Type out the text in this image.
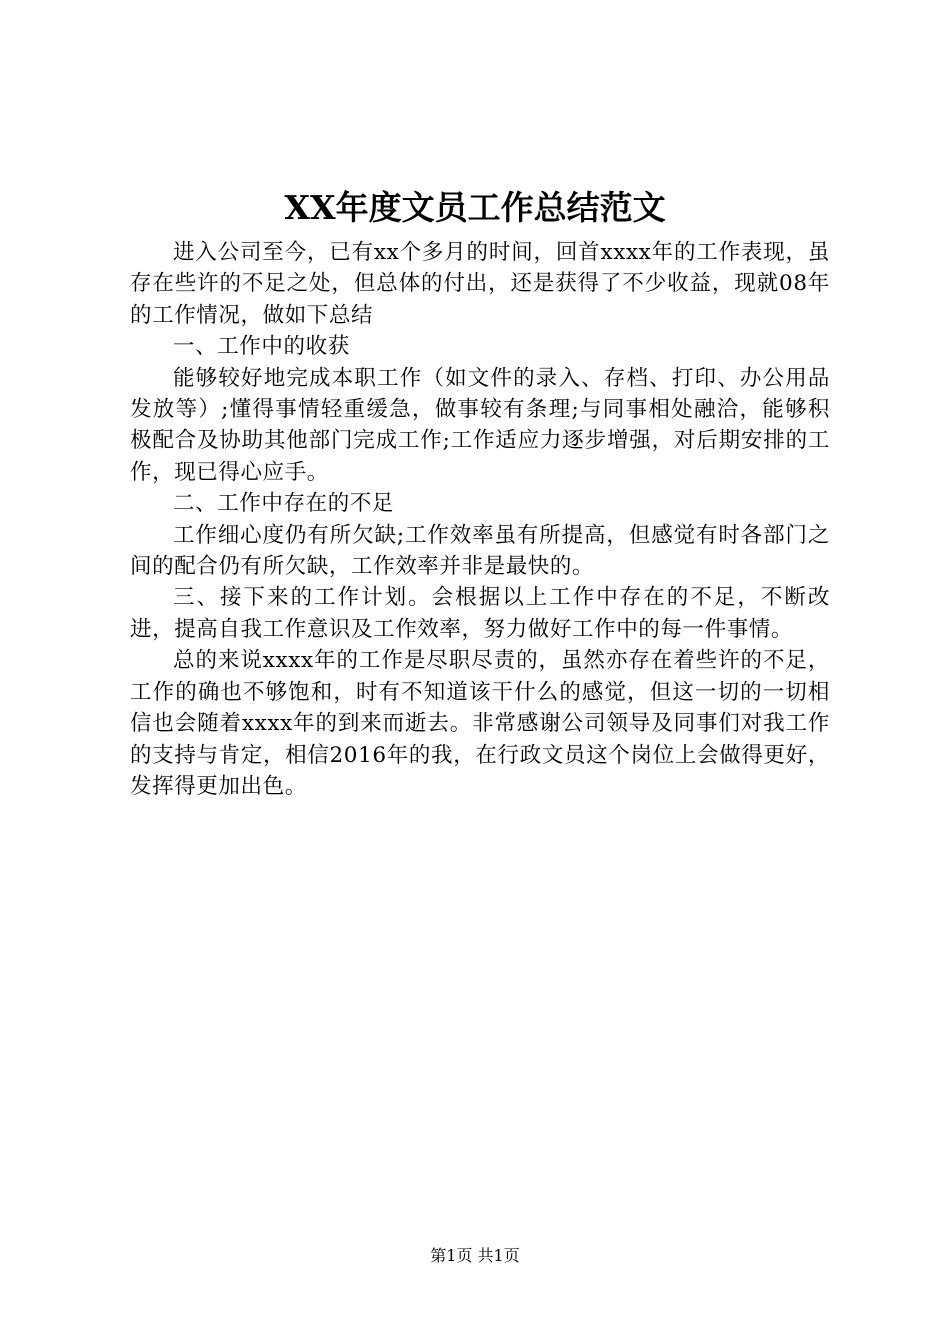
XX年度文员工作总结范文

进入公司至今，已有xx个多月的时间，回首xxxx年的工作表现，虽存在些许的不足之处，但总体的付出，还是获得了不少收益，现就08年的工作情况，做如下总结

一、工作中的收获

能够较好地完成本职工作（如文件的录入、存档、打印、办公用品发放等）;懂得事情轻重缓急，做事较有条理;与同事相处融洽，能够积极配合及协助其他部门完成工作;工作适应力逐步增强，对后期安排的工作，现已得心应手。

二、工作中存在的不足

工作细心度仍有所欠缺;工作效率虽有所提高，但感觉有时各部门之间的配合仍有所欠缺，工作效率并非是最快的。

三、接下来的工作计划。会根据以上工作中存在的不足，不断改进，提高自我工作意识及工作效率，努力做好工作中的每一件事情。

总的来说xxxx年的工作是尽职尽责的，虽然亦存在着些许的不足，工作的确也不够饱和，时有不知道该干什么的感觉，但这一切的一切相信也会随着xxxx年的到来而逝去。非常感谢公司领导及同事们对我工作的支持与肯定，相信2016年的我，在行政文员这个岗位上会做得更好，发挥得更加出色。

第1页 共1页
